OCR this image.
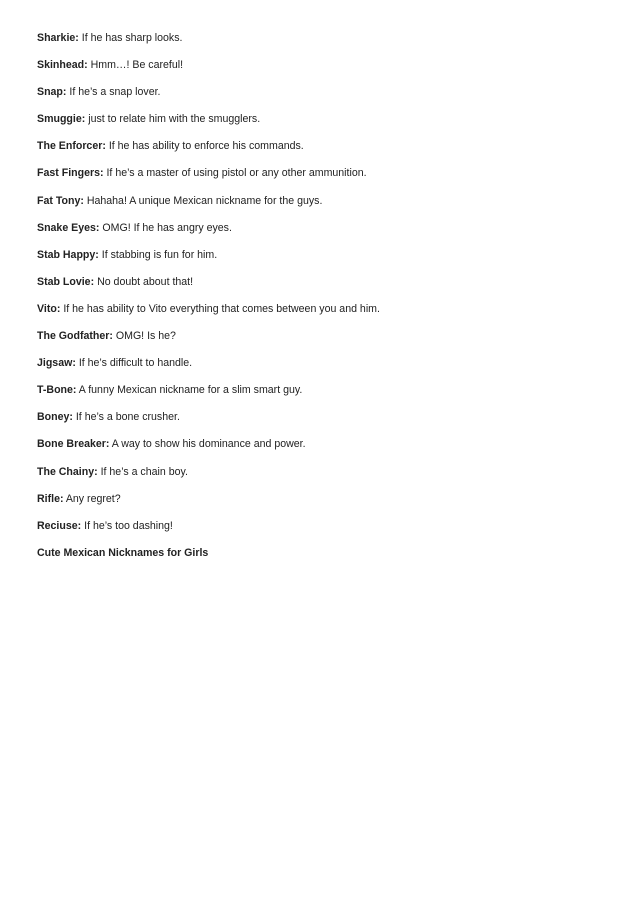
Sharkie: If he has sharp looks.
Skinhead: Hmm…! Be careful!
Snap: If he’s a snap lover.
Smuggie: just to relate him with the smugglers.
The Enforcer: If he has ability to enforce his commands.
Fast Fingers: If he’s a master of using pistol or any other ammunition.
Fat Tony: Hahaha! A unique Mexican nickname for the guys.
Snake Eyes: OMG! If he has angry eyes.
Stab Happy: If stabbing is fun for him.
Stab Lovie: No doubt about that!
Vito: If he has ability to Vito everything that comes between you and him.
The Godfather: OMG! Is he?
Jigsaw: If he’s difficult to handle.
T-Bone: A funny Mexican nickname for a slim smart guy.
Boney: If he’s a bone crusher.
Bone Breaker: A way to show his dominance and power.
The Chainy: If he’s a chain boy.
Rifle: Any regret?
Reciuse: If he’s too dashing!
Cute Mexican Nicknames for Girls
